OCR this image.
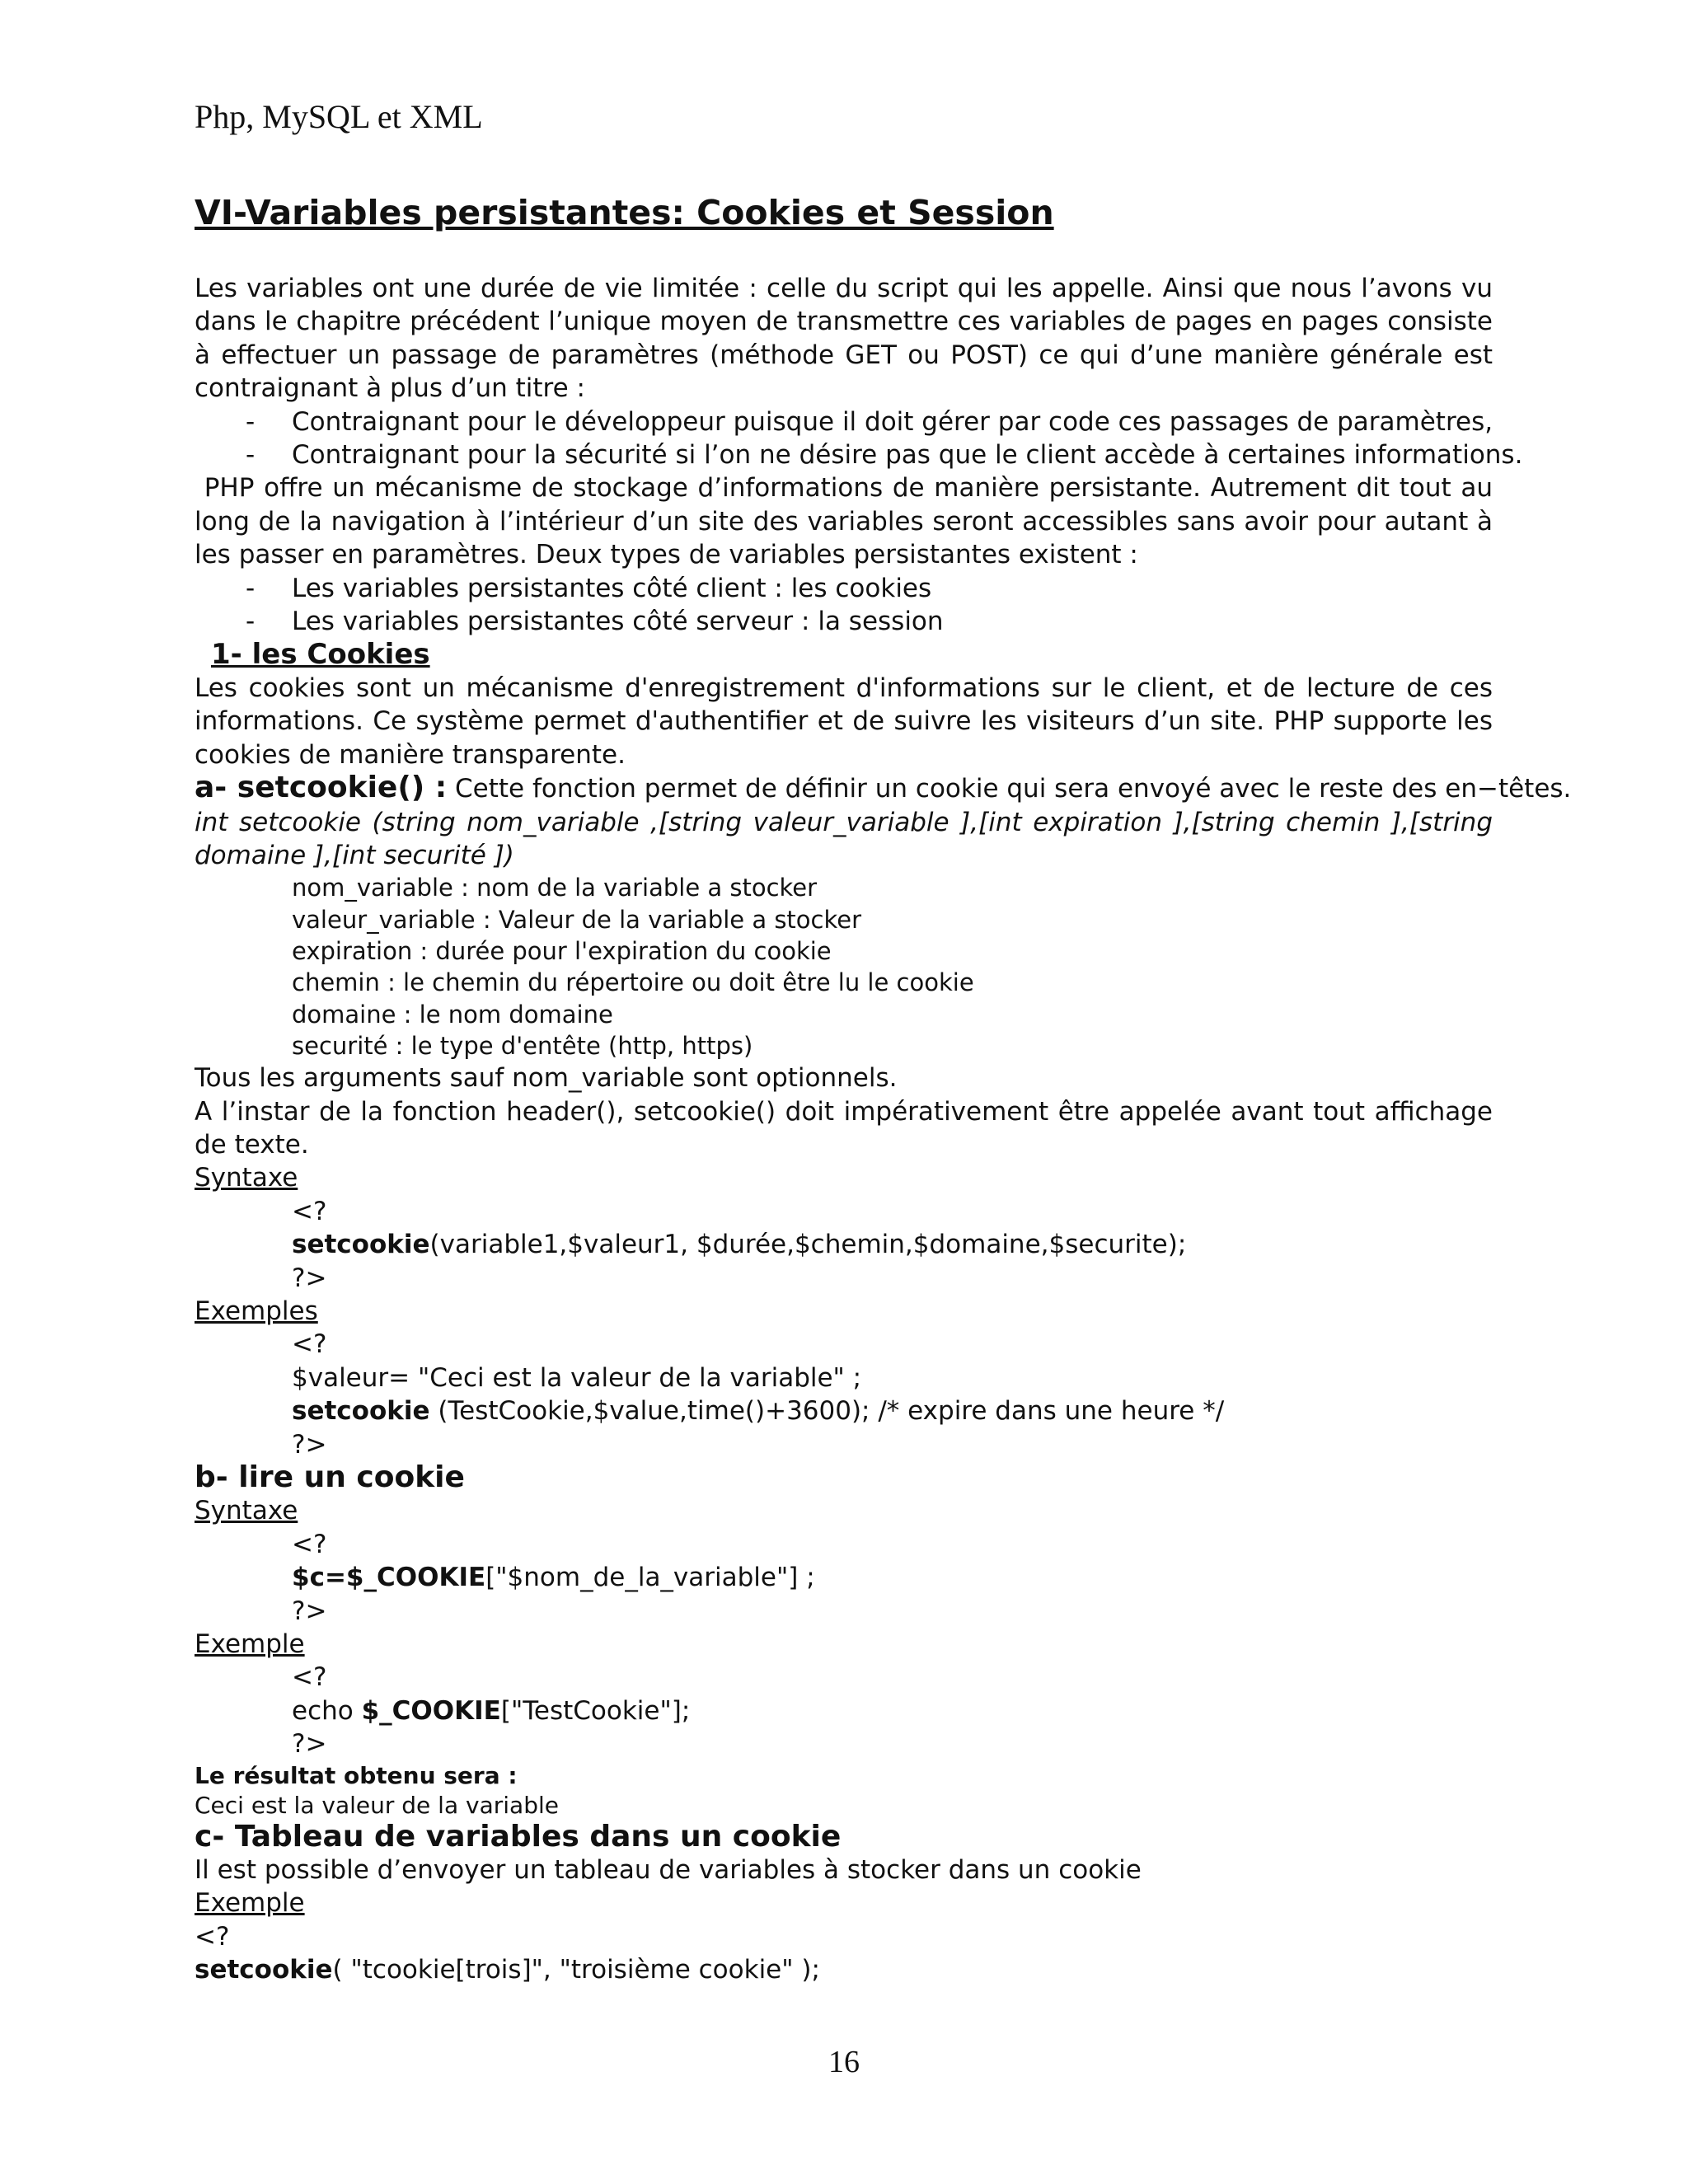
Php, MySQL et XML

VI-Variables persistantes: Cookies et Session

Les variables ont une durée de vie limitée : celle du script qui les appelle. Ainsi que nous l’avons vu dans le chapitre précédent l’unique moyen de transmettre ces variables de pages en pages consiste à effectuer un passage de paramètres (méthode GET ou POST) ce qui d’une manière générale est contraignant à plus d’un titre :

- Contraignant pour le développeur puisque il doit gérer par code ces passages de paramètres,

- Contraignant pour la sécurité si l’on ne désire pas que le client accède à certaines informations.

PHP offre un mécanisme de stockage d’informations de manière persistante. Autrement dit tout au long de la navigation à l’intérieur d’un site des variables seront accessibles sans avoir pour autant à les passer en paramètres. Deux types de variables persistantes existent :

- Les variables persistantes côté client : les cookies

- Les variables persistantes côté serveur : la session

1- les Cookies

Les cookies sont un mécanisme d'enregistrement d'informations sur le client, et de lecture de ces informations. Ce système permet d'authentifier et de suivre les visiteurs d’un site. PHP supporte les cookies de manière transparente.

a- setcookie() : Cette fonction permet de définir un cookie qui sera envoyé avec le reste des en−têtes.

int setcookie (string nom_variable ,[string valeur_variable ],[int expiration ],[string chemin ],[string domaine ],[int securité ])

nom_variable : nom de la variable a stocker

valeur_variable : Valeur de la variable a stocker

expiration : durée pour l'expiration du cookie

chemin : le chemin du répertoire ou doit être lu le cookie

domaine : le nom domaine

securité : le type d'entête (http, https)

Tous les arguments sauf nom_variable sont optionnels.

A l’instar de la fonction header(), setcookie() doit impérativement être appelée avant tout affichage de texte.

Syntaxe

<?

setcookie(variable1,$valeur1, $durée,$chemin,$domaine,$securite);

?>

Exemples

<?

$valeur= "Ceci est la valeur de la variable" ;

setcookie (TestCookie,$value,time()+3600); /* expire dans une heure */

?>

b- lire un cookie

Syntaxe

<?

$c=$_COOKIE["$nom_de_la_variable"] ;

?>

Exemple

<?

echo $_COOKIE["TestCookie"];

?>

Le résultat obtenu sera :

Ceci est la valeur de la variable

c- Tableau de variables dans un cookie

Il est possible d’envoyer un tableau de variables à stocker dans un cookie

Exemple

<?

setcookie( "tcookie[trois]", "troisième cookie" );

16
